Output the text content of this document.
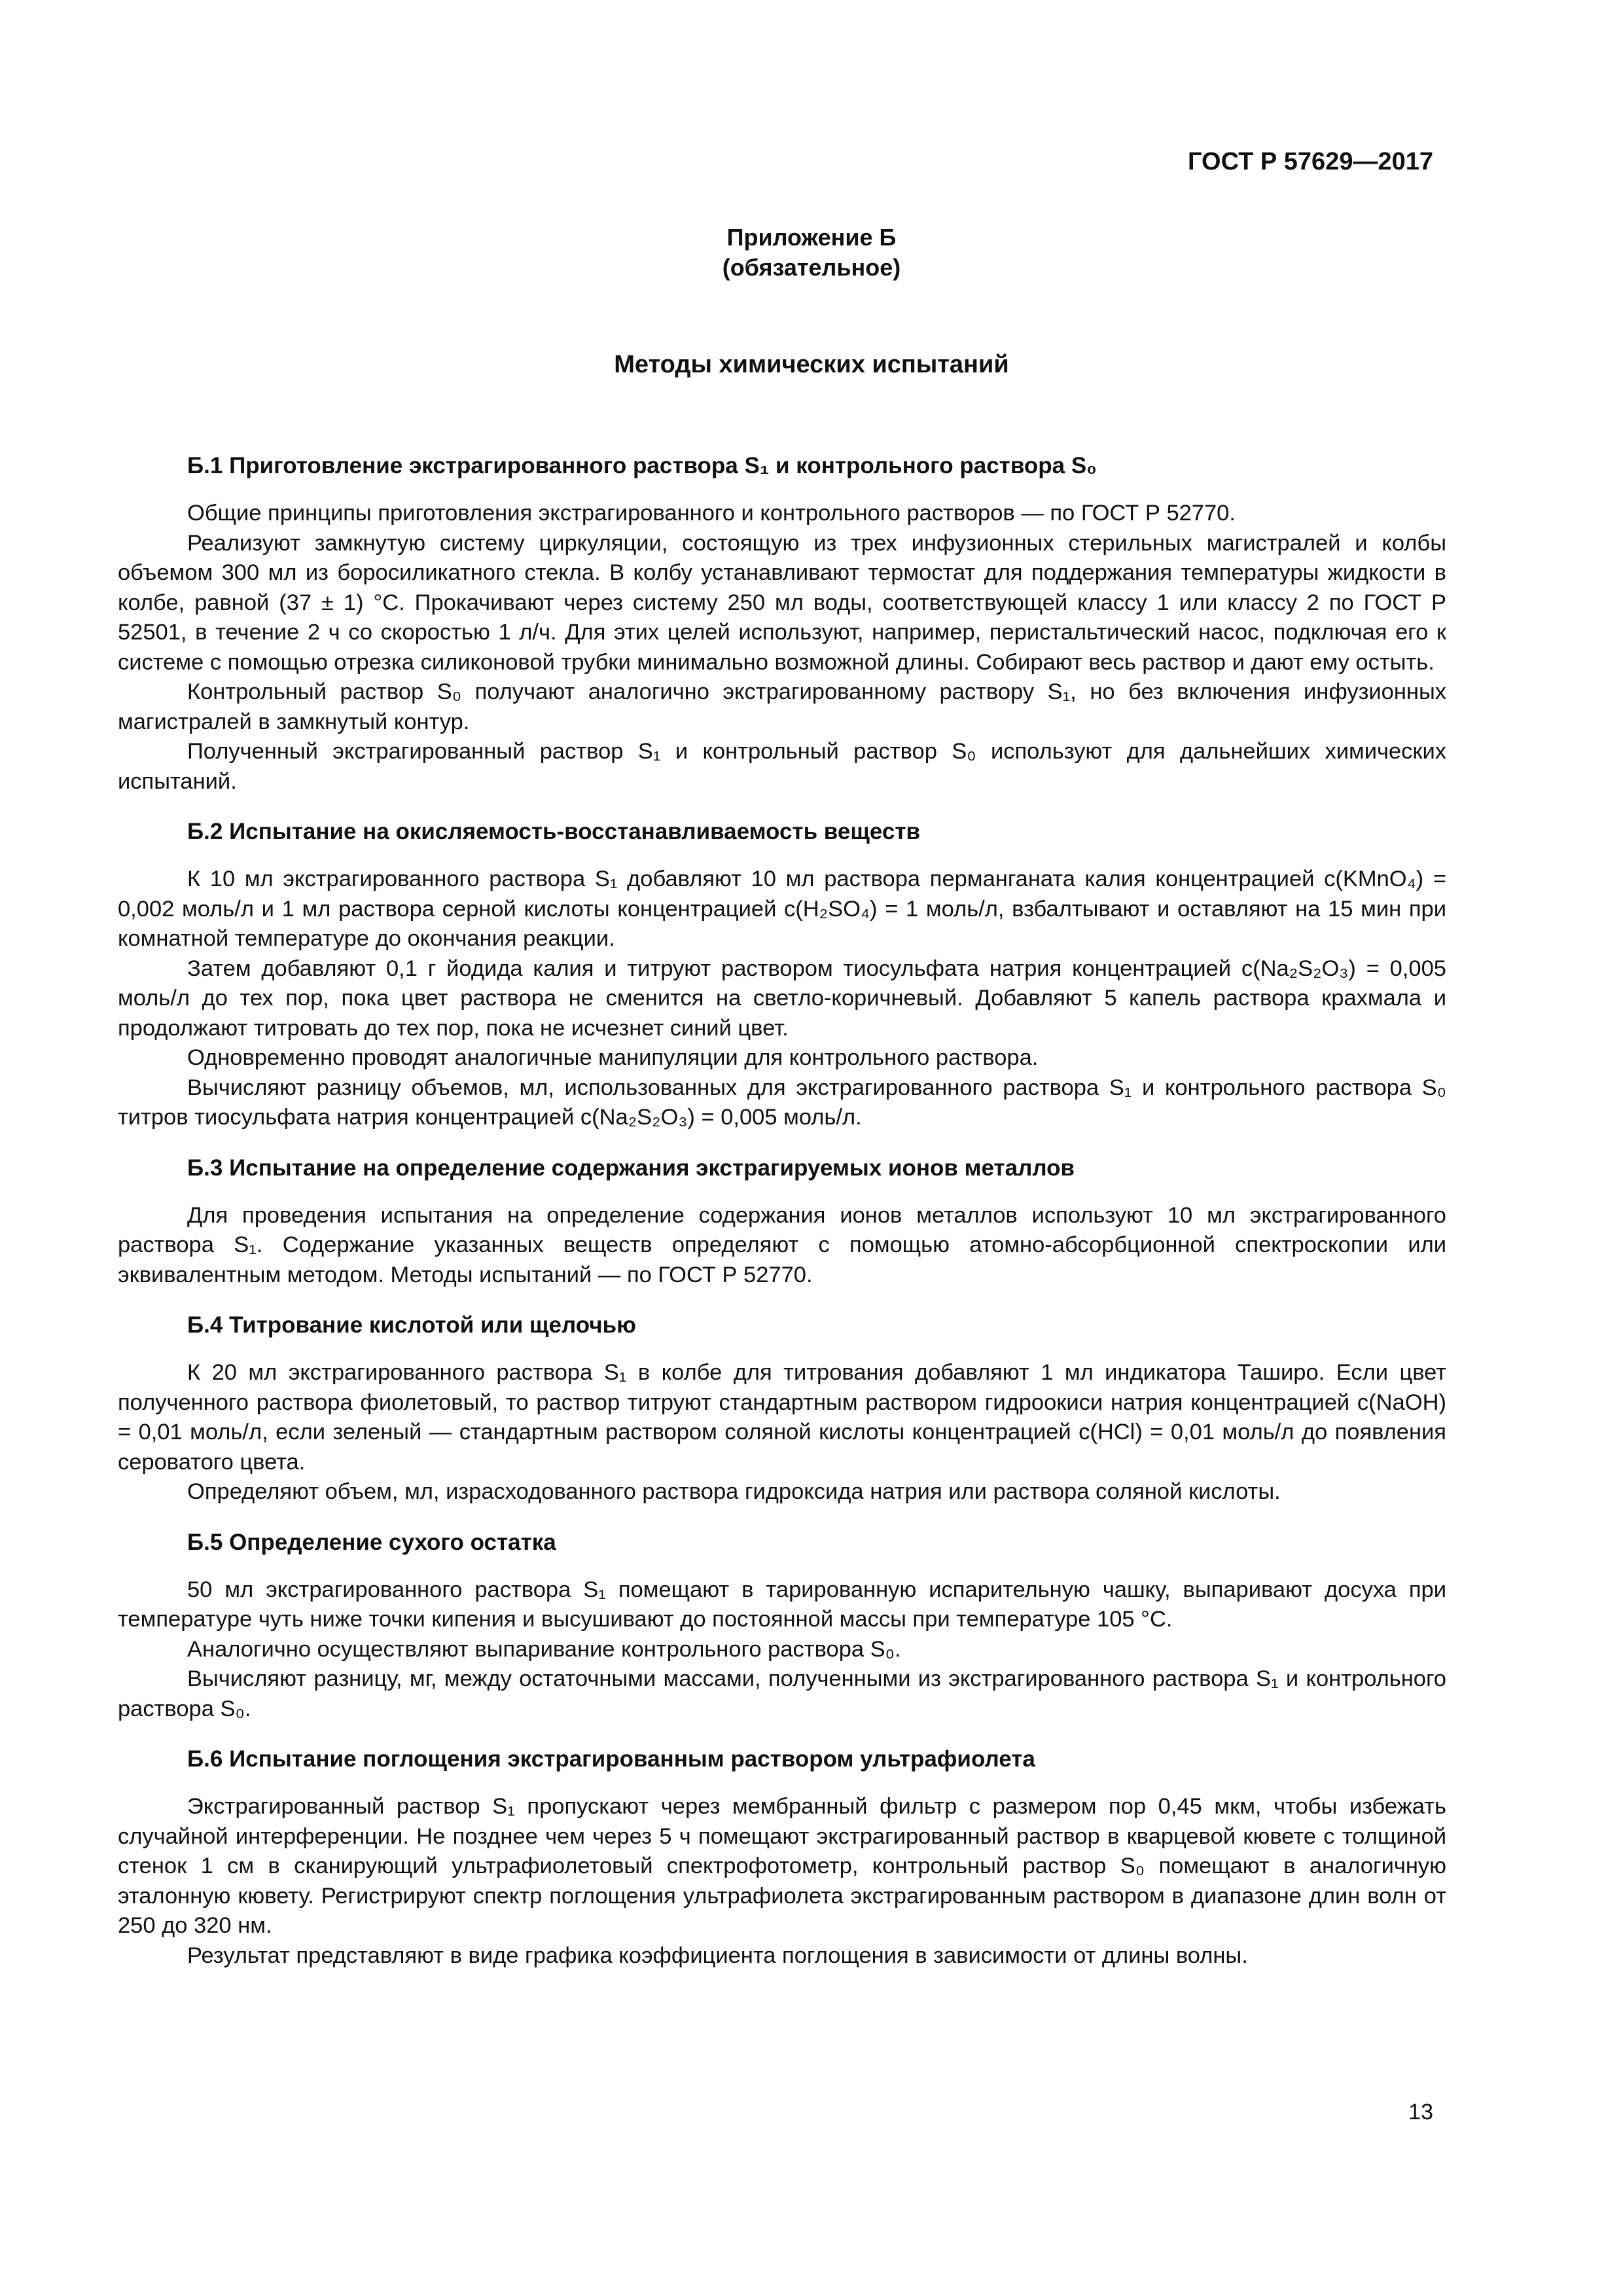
ГОСТ Р 57629—2017
Приложение Б
(обязательное)
Методы химических испытаний
Б.1 Приготовление экстрагированного раствора S₁ и контрольного раствора S₀

Общие принципы приготовления экстрагированного и контрольного растворов — по ГОСТ Р 52770.

Реализуют замкнутую систему циркуляции, состоящую из трех инфузионных стерильных магистралей и колбы объемом 300 мл из боросиликатного стекла. В колбу устанавливают термостат для поддержания температуры жидкости в колбе, равной (37 ± 1) °С. Прокачивают через систему 250 мл воды, соответствующей классу 1 или классу 2 по ГОСТ Р 52501, в течение 2 ч со скоростью 1 л/ч. Для этих целей используют, например, перистальтический насос, подключая его к системе с помощью отрезка силиконовой трубки минимально возможной длины. Собирают весь раствор и дают ему остыть.

Контрольный раствор S₀ получают аналогично экстрагированному раствору S₁, но без включения инфузионных магистралей в замкнутый контур.

Полученный экстрагированный раствор S₁ и контрольный раствор S₀ используют для дальнейших химических испытаний.

Б.2 Испытание на окисляемость-восстанавливаемость веществ

К 10 мл экстрагированного раствора S₁ добавляют 10 мл раствора перманганата калия концентрацией c(KMnO₄) = 0,002 моль/л и 1 мл раствора серной кислоты концентрацией c(H₂SO₄) = 1 моль/л, взбалтывают и оставляют на 15 мин при комнатной температуре до окончания реакции.

Затем добавляют 0,1 г йодида калия и титруют раствором тиосульфата натрия концентрацией c(Na₂S₂O₃) = 0,005 моль/л до тех пор, пока цвет раствора не сменится на светло-коричневый. Добавляют 5 капель раствора крахмала и продолжают титровать до тех пор, пока не исчезнет синий цвет.

Одновременно проводят аналогичные манипуляции для контрольного раствора.

Вычисляют разницу объемов, мл, использованных для экстрагированного раствора S₁ и контрольного раствора S₀ титров тиосульфата натрия концентрацией c(Na₂S₂O₃) = 0,005 моль/л.

Б.3 Испытание на определение содержания экстрагируемых ионов металлов

Для проведения испытания на определение содержания ионов металлов используют 10 мл экстрагированного раствора S₁. Содержание указанных веществ определяют с помощью атомно-абсорбционной спектроскопии или эквивалентным методом. Методы испытаний — по ГОСТ Р 52770.

Б.4 Титрование кислотой или щелочью

К 20 мл экстрагированного раствора S₁ в колбе для титрования добавляют 1 мл индикатора Таширо. Если цвет полученного раствора фиолетовый, то раствор титруют стандартным раствором гидроокиси натрия концентрацией c(NaOH) = 0,01 моль/л, если зеленый — стандартным раствором соляной кислоты концентрацией c(HCl) = 0,01 моль/л до появления сероватого цвета.

Определяют объем, мл, израсходованного раствора гидроксида натрия или раствора соляной кислоты.

Б.5 Определение сухого остатка

50 мл экстрагированного раствора S₁ помещают в тарированную испарительную чашку, выпаривают досуха при температуре чуть ниже точки кипения и высушивают до постоянной массы при температуре 105 °С.

Аналогично осуществляют выпаривание контрольного раствора S₀.

Вычисляют разницу, мг, между остаточными массами, полученными из экстрагированного раствора S₁ и контрольного раствора S₀.

Б.6 Испытание поглощения экстрагированным раствором ультрафиолета

Экстрагированный раствор S₁ пропускают через мембранный фильтр с размером пор 0,45 мкм, чтобы избежать случайной интерференции. Не позднее чем через 5 ч помещают экстрагированный раствор в кварцевой кювете с толщиной стенок 1 см в сканирующий ультрафиолетовый спектрофотометр, контрольный раствор S₀ помещают в аналогичную эталонную кювету. Регистрируют спектр поглощения ультрафиолета экстрагированным раствором в диапазоне длин волн от 250 до 320 нм.

Результат представляют в виде графика коэффициента поглощения в зависимости от длины волны.

13
